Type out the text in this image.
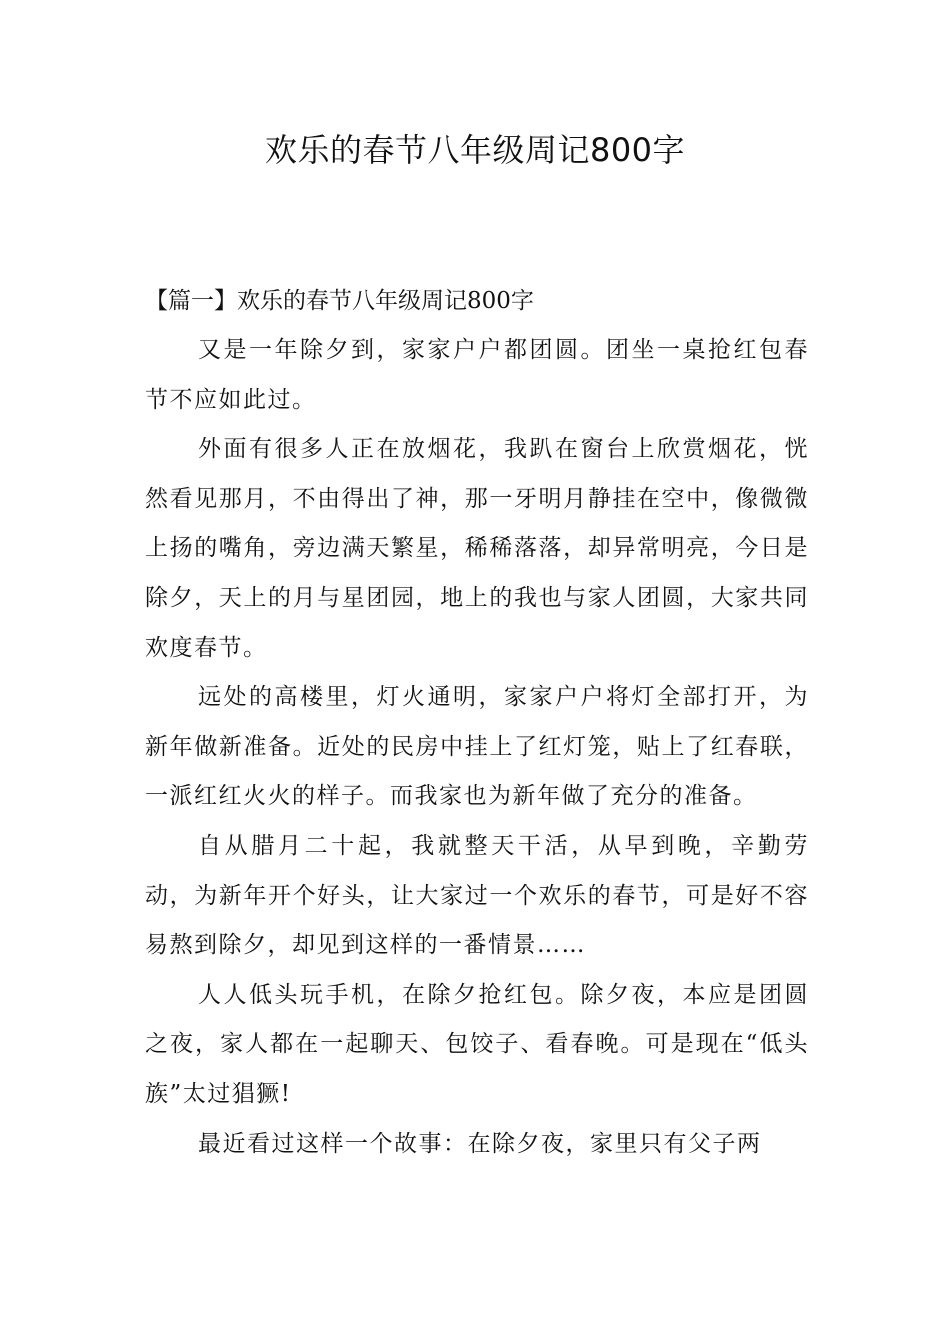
欢乐的春节八年级周记800字

【篇一】欢乐的春节八年级周记800字

又是一年除夕到，家家户户都团圆。团坐一桌抢红包春节不应如此过。

外面有很多人正在放烟花，我趴在窗台上欣赏烟花，恍然看见那月，不由得出了神，那一牙明月静挂在空中，像微微上扬的嘴角，旁边满天繁星，稀稀落落，却异常明亮，今日是除夕，天上的月与星团园，地上的我也与家人团圆，大家共同欢度春节。

远处的高楼里，灯火通明，家家户户将灯全部打开，为新年做新准备。近处的民房中挂上了红灯笼，贴上了红春联，一派红红火火的样子。而我家也为新年做了充分的准备。

自从腊月二十起，我就整天干活，从早到晚，辛勤劳动，为新年开个好头，让大家过一个欢乐的春节，可是好不容易熬到除夕，却见到这样的一番情景……

人人低头玩手机，在除夕抢红包。除夕夜，本应是团圆之夜，家人都在一起聊天、包饺子、看春晚。可是现在“低头族”太过猖獗!

最近看过这样一个故事：在除夕夜，家里只有父子两
